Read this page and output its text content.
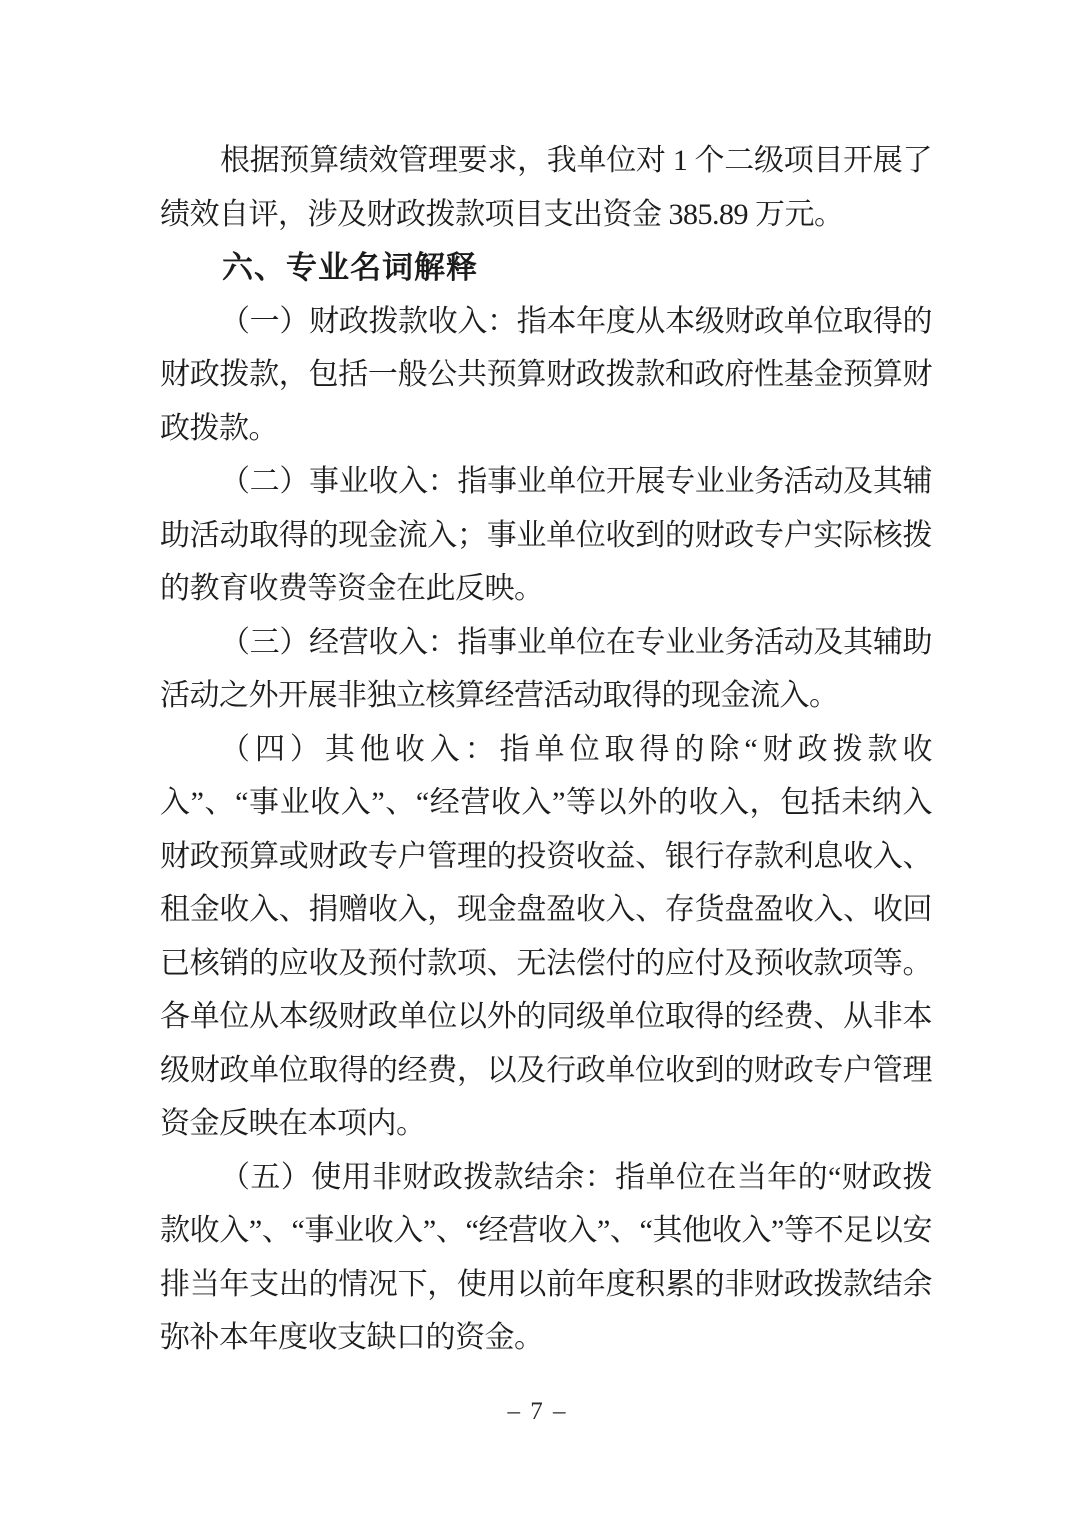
根据预算绩效管理要求，我单位对 1 个二级项目开展了绩效自评，涉及财政拨款项目支出资金 385.89 万元。

六、专业名词解释

（一）财政拨款收入：指本年度从本级财政单位取得的财政拨款，包括一般公共预算财政拨款和政府性基金预算财政拨款。

（二）事业收入：指事业单位开展专业业务活动及其辅助活动取得的现金流入；事业单位收到的财政专户实际核拨的教育收费等资金在此反映。

（三）经营收入：指事业单位在专业业务活动及其辅助活动之外开展非独立核算经营活动取得的现金流入。

（四）其他收入：指单位取得的除“财政拨款收入”、“事业收入”、“经营收入”等以外的收入，包括未纳入财政预算或财政专户管理的投资收益、银行存款利息收入、租金收入、捐赠收入，现金盘盈收入、存货盘盈收入、收回已核销的应收及预付款项、无法偿付的应付及预收款项等。各单位从本级财政单位以外的同级单位取得的经费、从非本级财政单位取得的经费，以及行政单位收到的财政专户管理资金反映在本项内。

（五）使用非财政拨款结余：指单位在当年的“财政拨款收入”、“事业收入”、“经营收入”、“其他收入”等不足以安排当年支出的情况下，使用以前年度积累的非财政拨款结余弥补本年度收支缺口的资金。

– 7 –
